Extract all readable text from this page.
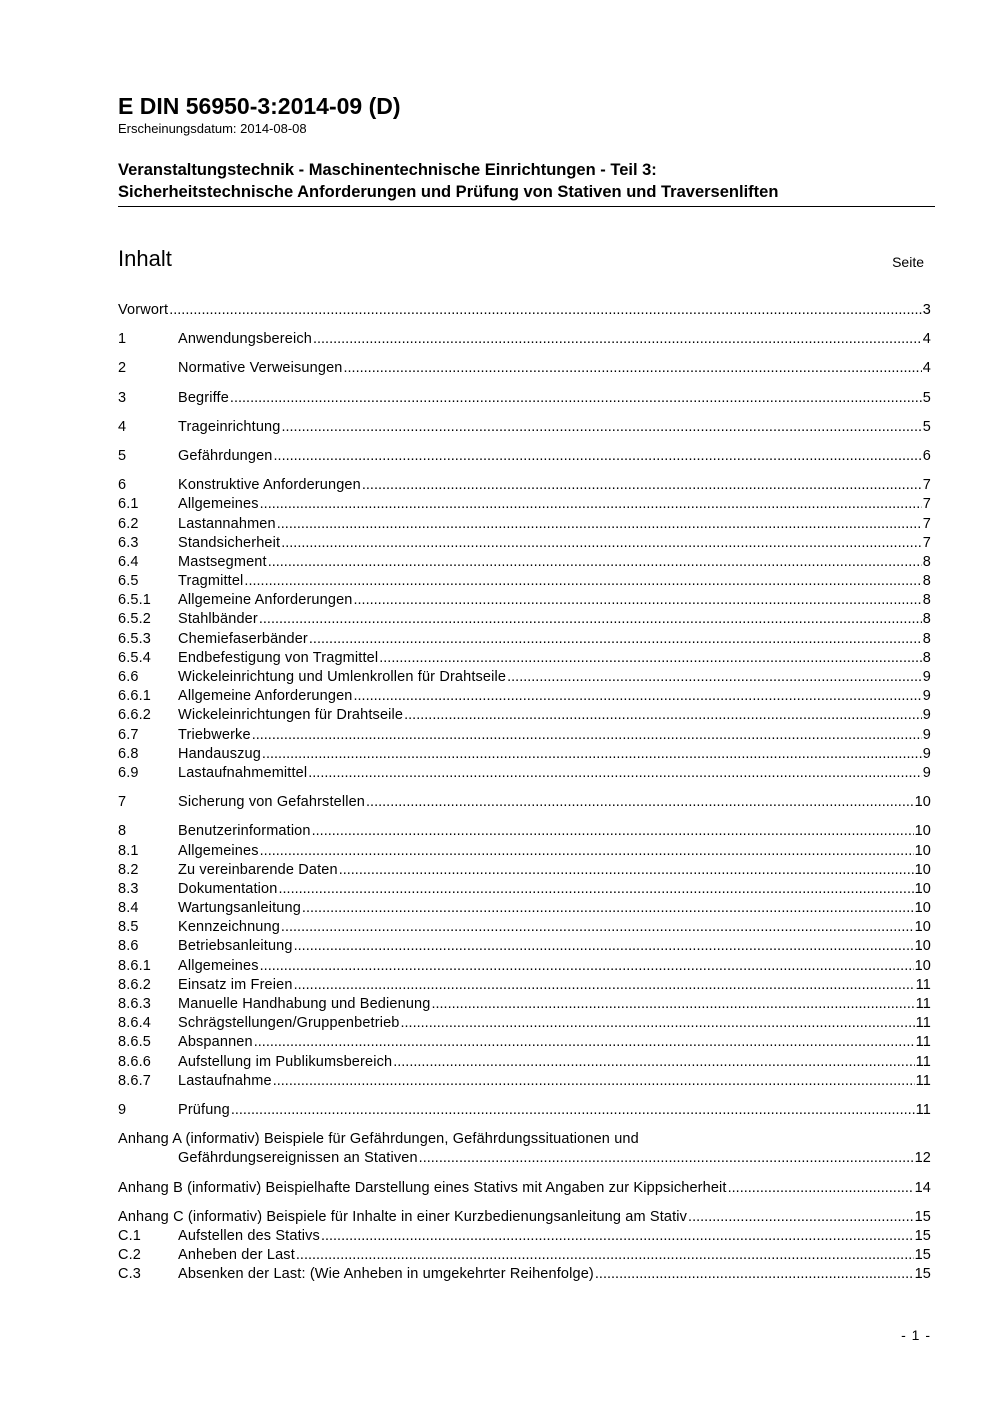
E DIN 56950-3:2014-09 (D)
Erscheinungsdatum: 2014-08-08
Veranstaltungstechnik - Maschinentechnische Einrichtungen - Teil 3:
Sicherheitstechnische Anforderungen und Prüfung von Stativen und Traversenliften
Inhalt	Seite
Vorwort .....	3
1	Anwendungsbereich .....	4
2	Normative Verweisungen .....	4
3	Begriffe .....	5
4	Trageinrichtung .....	5
5	Gefährdungen .....	6
6	Konstruktive Anforderungen .....	7
6.1	Allgemeines .....	7
6.2	Lastannahmen .....	7
6.3	Standsicherheit .....	7
6.4	Mastsegment .....	8
6.5	Tragmittel .....	8
6.5.1	Allgemeine Anforderungen .....	8
6.5.2	Stahlbänder .....	8
6.5.3	Chemiefaserbänder .....	8
6.5.4	Endbefestigung von Tragmittel .....	8
6.6	Wickeleinrichtung und Umlenkrollen für Drahtseile .....	9
6.6.1	Allgemeine Anforderungen .....	9
6.6.2	Wickeleinrichtungen für Drahtseile .....	9
6.7	Triebwerke .....	9
6.8	Handauszug .....	9
6.9	Lastaufnahmemittel .....	9
7	Sicherung von Gefahrstellen .....	10
8	Benutzerinformation .....	10
8.1	Allgemeines .....	10
8.2	Zu vereinbarende Daten .....	10
8.3	Dokumentation .....	10
8.4	Wartungsanleitung .....	10
8.5	Kennzeichnung .....	10
8.6	Betriebsanleitung .....	10
8.6.1	Allgemeines .....	10
8.6.2	Einsatz im Freien .....	11
8.6.3	Manuelle Handhabung und Bedienung .....	11
8.6.4	Schrägstellungen/Gruppenbetrieb .....	11
8.6.5	Abspannen .....	11
8.6.6	Aufstellung im Publikumsbereich .....	11
8.6.7	Lastaufnahme .....	11
9	Prüfung .....	11
Anhang A (informativ) Beispiele für Gefährdungen, Gefährdungssituationen und
Gefährdungsereignissen an Stativen .....	12
Anhang B (informativ) Beispielhafte Darstellung eines Stativs mit Angaben zur Kippsicherheit .....	14
Anhang C (informativ) Beispiele für Inhalte in einer Kurzbedienungsanleitung am Stativ .....	15
C.1	Aufstellen des Stativs .....	15
C.2	Anheben der Last .....	15
C.3	Absenken der Last: (Wie Anheben in umgekehrter Reihenfolge) .....	15
- 1 -
